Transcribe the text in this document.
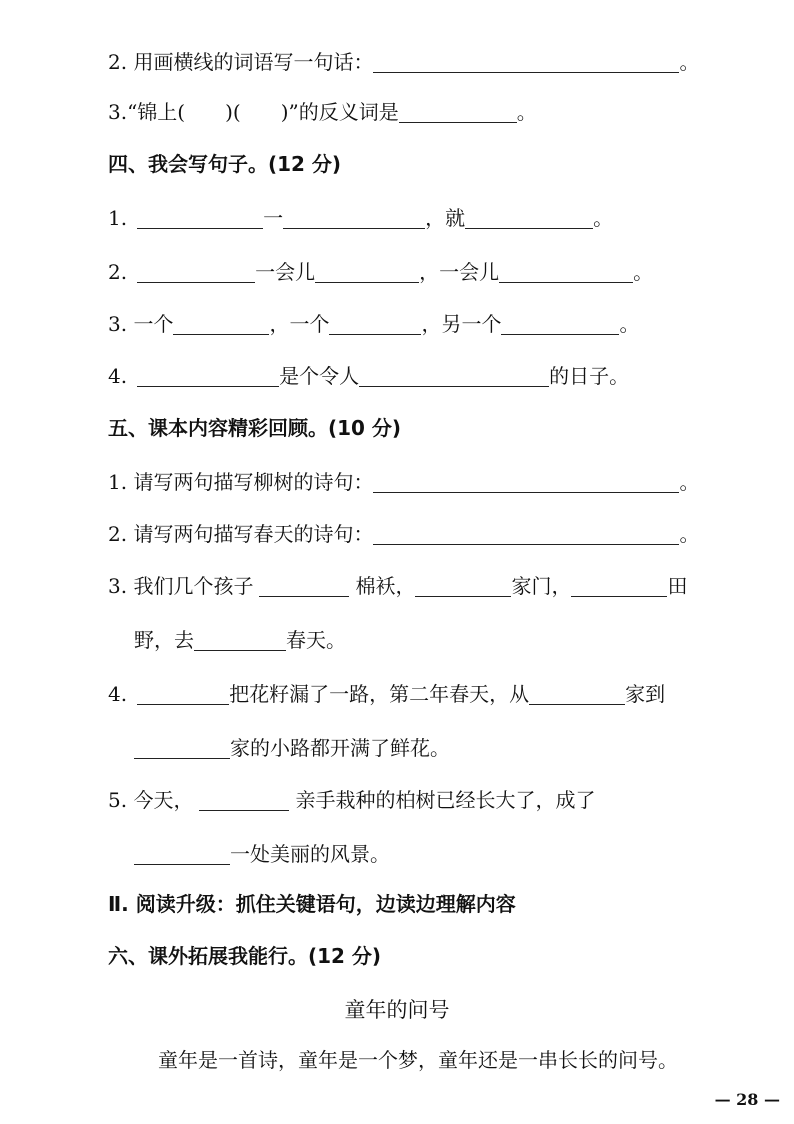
2. 用画横线的词语写一句话：	。
3.“锦上(　　)(　　)”的反义词是	。
四、我会写句子。(12 分)
1.	一	，就	。
2.	一会儿	，一会儿	。
3. 一个	，一个	，另一个	。
4.	是个令人	的日子。
五、课本内容精彩回顾。(10 分)
1. 请写两句描写柳树的诗句：	。
2. 请写两句描写春天的诗句：	。
3. 我们几个孩子	棉袄，	家门，	田
野，去	春天。
4.	把花籽漏了一路，第二年春天，从	家到
家的小路都开满了鲜花。
5. 今天，	亲手栽种的柏树已经长大了，成了
一处美丽的风景。
Ⅱ. 阅读升级：抓住关键语句，边读边理解内容
六、课外拓展我能行。(12 分)
童年的问号
童年是一首诗，童年是一个梦，童年还是一串长长的问号。
— 28 —
